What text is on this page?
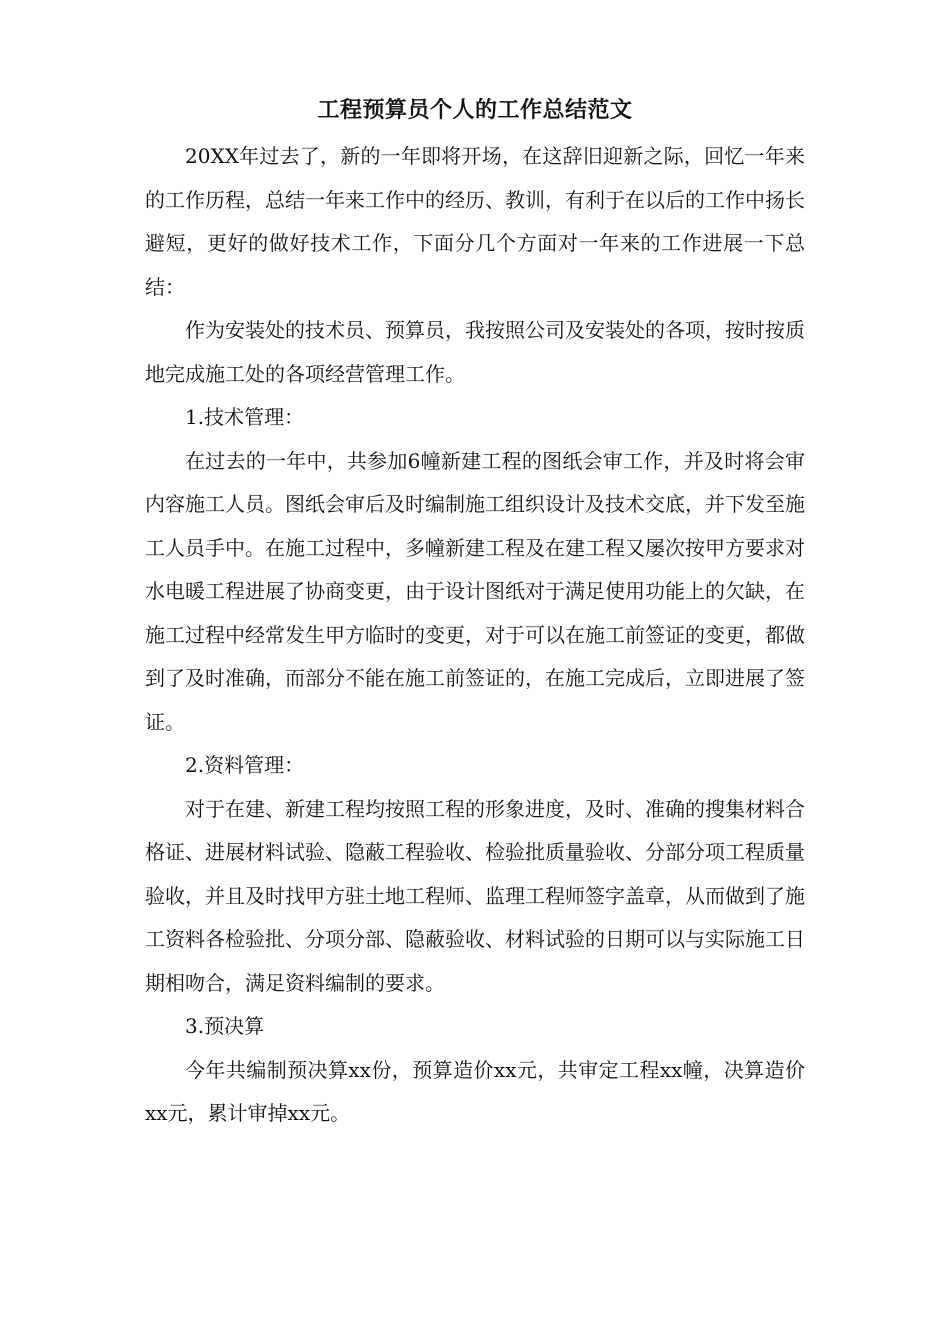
工程预算员个人的工作总结范文

20XX年过去了，新的一年即将开场，在这辞旧迎新之际，回忆一年来的工作历程，总结一年来工作中的经历、教训，有利于在以后的工作中扬长避短，更好的做好技术工作，下面分几个方面对一年来的工作进展一下总结：

作为安装处的技术员、预算员，我按照公司及安装处的各项，按时按质地完成施工处的各项经营管理工作。

1.技术管理：

在过去的一年中，共参加6幢新建工程的图纸会审工作，并及时将会审内容施工人员。图纸会审后及时编制施工组织设计及技术交底，并下发至施工人员手中。在施工过程中，多幢新建工程及在建工程又屡次按甲方要求对水电暖工程进展了协商变更，由于设计图纸对于满足使用功能上的欠缺，在施工过程中经常发生甲方临时的变更，对于可以在施工前签证的变更，都做到了及时准确，而部分不能在施工前签证的，在施工完成后，立即进展了签证。

2.资料管理：

对于在建、新建工程均按照工程的形象进度，及时、准确的搜集材料合格证、进展材料试验、隐蔽工程验收、检验批质量验收、分部分项工程质量验收，并且及时找甲方驻土地工程师、监理工程师签字盖章，从而做到了施工资料各检验批、分项分部、隐蔽验收、材料试验的日期可以与实际施工日期相吻合，满足资料编制的要求。

3.预决算

今年共编制预决算xx份，预算造价xx元，共审定工程xx幢，决算造价xx元，累计审掉xx元。
